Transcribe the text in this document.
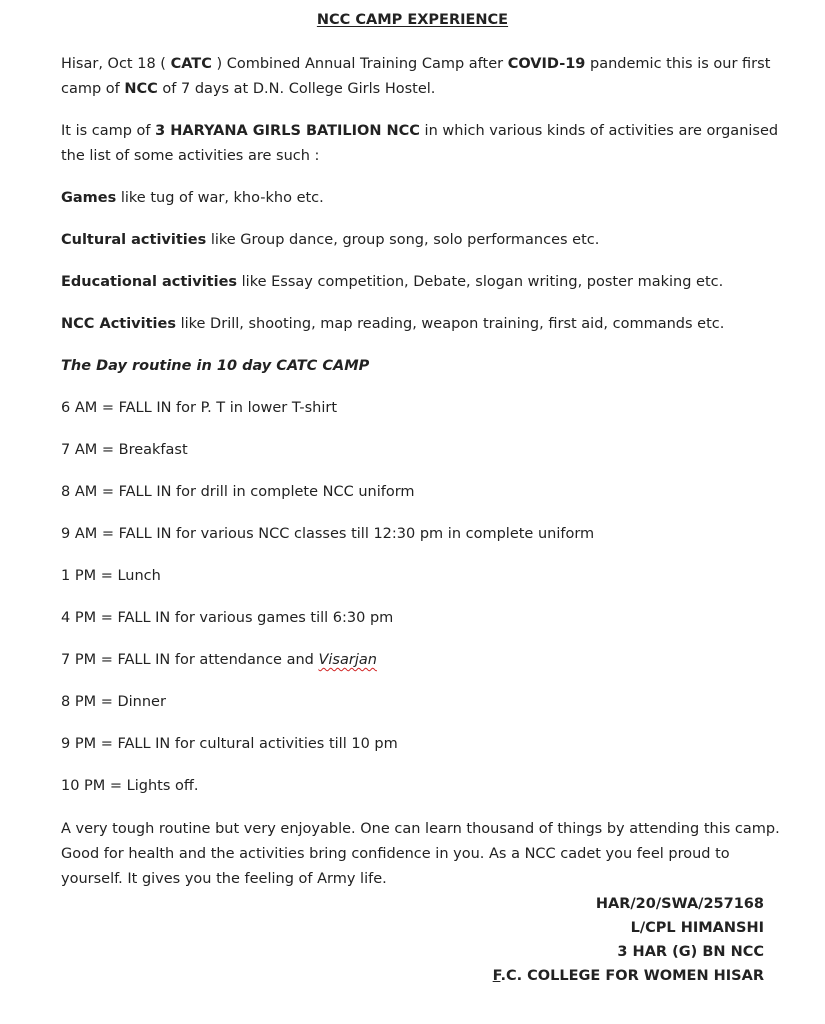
NCC CAMP EXPERIENCE

Hisar, Oct 18 ( CATC ) Combined Annual Training Camp after COVID-19 pandemic this is our first camp of NCC of 7 days at D.N. College Girls Hostel.

It is camp of 3 HARYANA GIRLS BATILION NCC in which various kinds of activities are organised the list of some activities are such :

Games like tug of war, kho-kho etc.

Cultural activities like Group dance, group song, solo performances etc.

Educational activities like Essay competition, Debate, slogan writing, poster making etc.

NCC Activities like Drill, shooting, map reading, weapon training, first aid, commands etc.

The Day routine in 10 day CATC CAMP

6 AM = FALL IN for P. T in lower T-shirt

7 AM = Breakfast

8 AM = FALL IN for drill in complete NCC uniform

9 AM = FALL IN for various NCC classes till 12:30 pm in complete uniform

1 PM = Lunch

4 PM = FALL IN for various games till 6:30 pm

7 PM = FALL IN for attendance and Visarjan

8 PM = Dinner

9 PM = FALL IN for cultural activities till 10 pm

10 PM = Lights off.

A very tough routine but very enjoyable. One can learn thousand of things by attending this camp. Good for health and the activities bring confidence in you. As a NCC cadet you feel proud to yourself. It gives you the feeling of Army life.

HAR/20/SWA/257168
L/CPL HIMANSHI
3 HAR (G) BN NCC
F.C. COLLEGE FOR WOMEN HISAR
